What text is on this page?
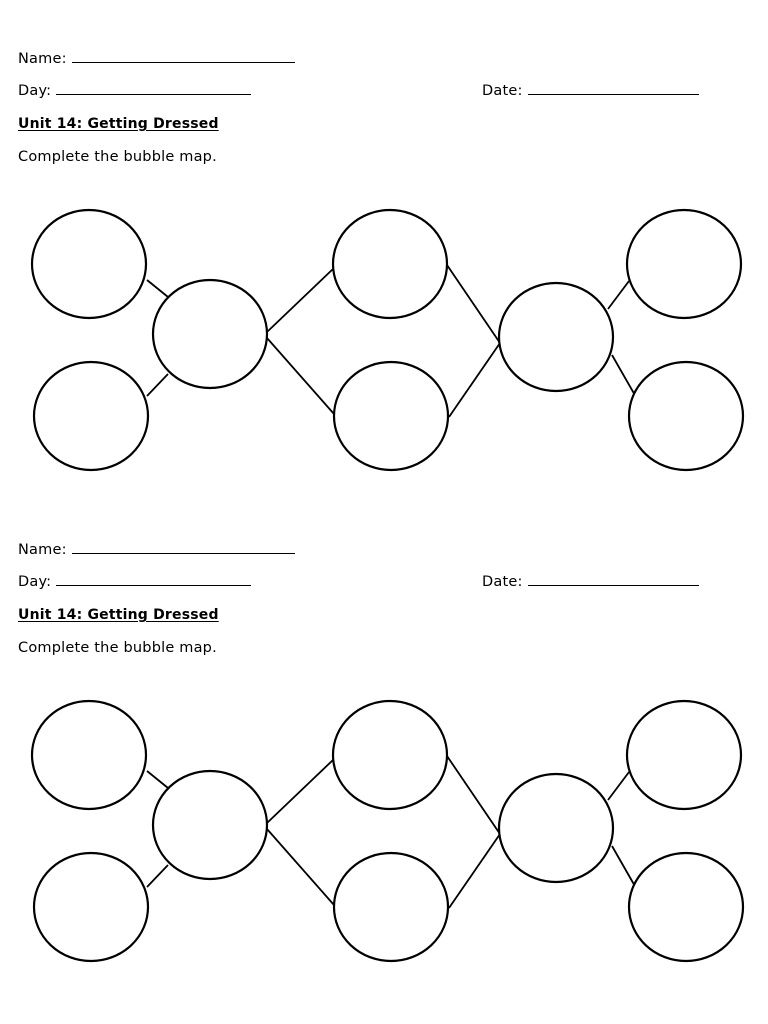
Name:
Day:	Date:
Unit 14: Getting Dressed
Complete the bubble map.
Name:
Day:	Date:
Unit 14: Getting Dressed
Complete the bubble map.
